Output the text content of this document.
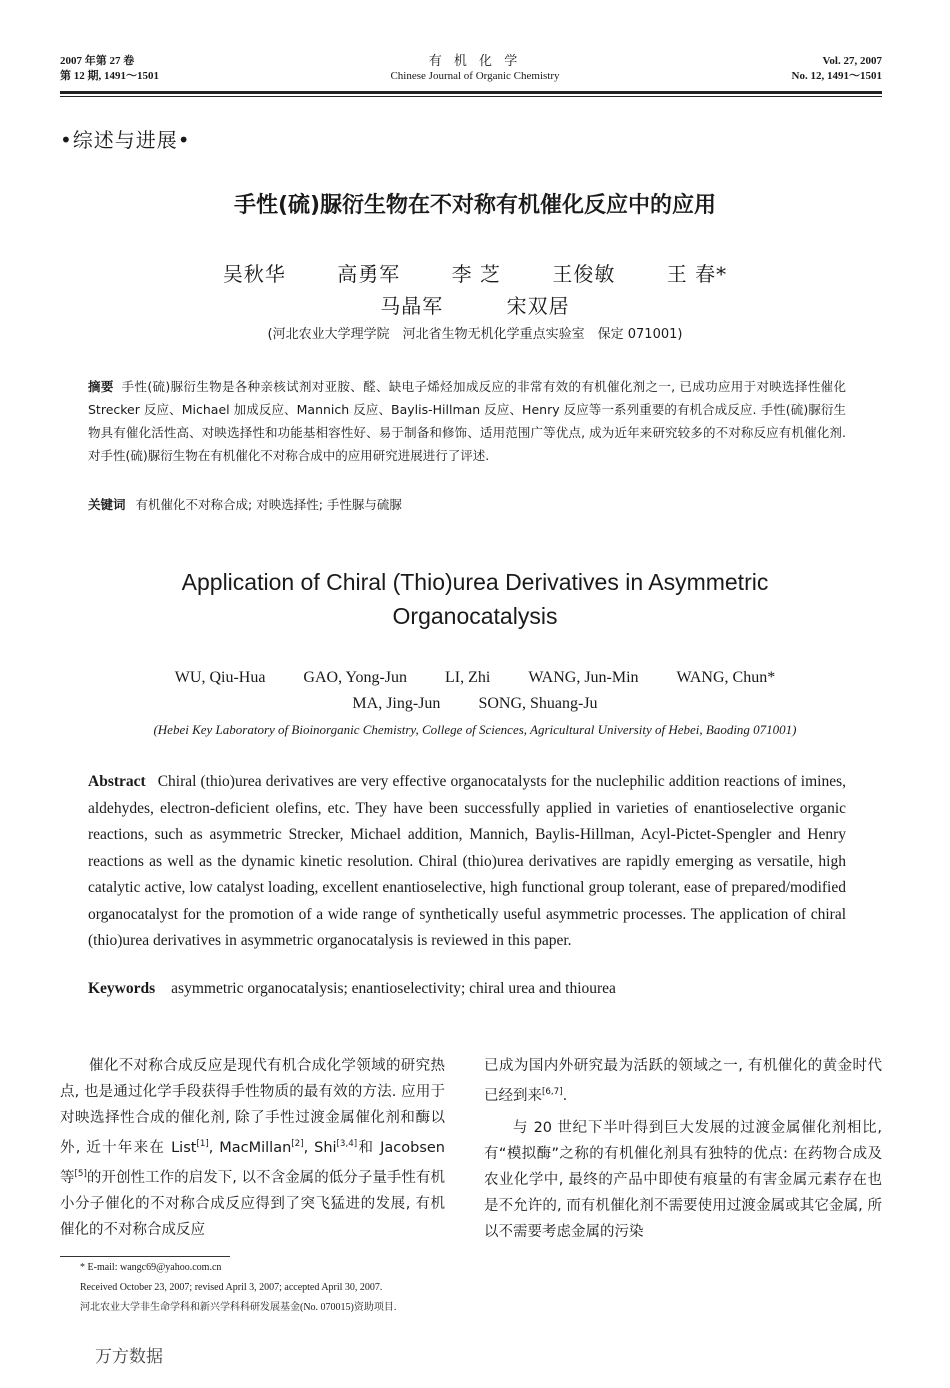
2007 年第 27 卷
第 12 期, 1491～1501
有 机 化 学
Chinese Journal of Organic Chemistry
Vol. 27, 2007
No. 12, 1491～1501
•综述与进展•
手性(硫)脲衍生物在不对称有机催化反应中的应用
吴秋华	高勇军	李 芝	王俊敏	王 春*
马晶军	宋双居
(河北农业大学理学院　河北省生物无机化学重点实验室　保定 071001)
摘要 手性(硫)脲衍生物是各种亲核试剂对亚胺、醛、缺电子烯烃加成反应的非常有效的有机催化剂之一, 已成功应用于对映选择性催化 Strecker 反应、Michael 加成反应、Mannich 反应、Baylis-Hillman 反应、Henry 反应等一系列重要的有机合成反应. 手性(硫)脲衍生物具有催化活性高、对映选择性和功能基相容性好、易于制备和修饰、适用范围广等优点, 成为近年来研究较多的不对称反应有机催化剂. 对手性(硫)脲衍生物在有机催化不对称合成中的应用研究进展进行了评述.
关键词 有机催化不对称合成; 对映选择性; 手性脲与硫脲
Application of Chiral (Thio)urea Derivatives in Asymmetric
Organocatalysis
WU, Qiu-Hua GAO, Yong-Jun LI, Zhi WANG, Jun-Min WANG, Chun*
MA, Jing-Jun SONG, Shuang-Ju
(Hebei Key Laboratory of Bioinorganic Chemistry, College of Sciences, Agricultural University of Hebei, Baoding 071001)
Abstract Chiral (thio)urea derivatives are very effective organocatalysts for the nuclephilic addition reactions of imines, aldehydes, electron-deficient olefins, etc. They have been successfully applied in varieties of enantioselective organic reactions, such as asymmetric Strecker, Michael addition, Mannich, Baylis-Hillman, Acyl-Pictet-Spengler and Henry reactions as well as the dynamic kinetic resolution. Chiral (thio)urea derivatives are rapidly emerging as versatile, high catalytic active, low catalyst loading, excellent enantioselective, high functional group tolerant, ease of prepared/modified organocatalyst for the promotion of a wide range of synthetically useful asymmetric processes. The application of chiral (thio)urea derivatives in asymmetric organocatalysis is reviewed in this paper.
Keywords asymmetric organocatalysis; enantioselectivity; chiral urea and thiourea
催化不对称合成反应是现代有机合成化学领域的研究热点, 也是通过化学手段获得手性物质的最有效的方法. 应用于对映选择性合成的催化剂, 除了手性过渡金属催化剂和酶以外, 近十年来在 List[1], MacMillan[2], Shi[3,4]和 Jacobsen 等[5]的开创性工作的启发下, 以不含金属的低分子量手性有机小分子催化的不对称合成反应得到了突飞猛进的发展, 有机催化的不对称合成反应

已成为国内外研究最为活跃的领域之一, 有机催化的黄金时代已经到来[6,7].

与 20 世纪下半叶得到巨大发展的过渡金属催化剂相比, 有“模拟酶”之称的有机催化剂具有独特的优点: 在药物合成及农业化学中, 最终的产品中即使有痕量的有害金属元素存在也是不允许的, 而有机催化剂不需要使用过渡金属或其它金属, 所以不需要考虑金属的污染

* E-mail: wangc69@yahoo.com.cn
Received October 23, 2007; revised April 3, 2007; accepted April 30, 2007.
河北农业大学非生命学科和新兴学科科研发展基金(No. 070015)资助项目.
万方数据
